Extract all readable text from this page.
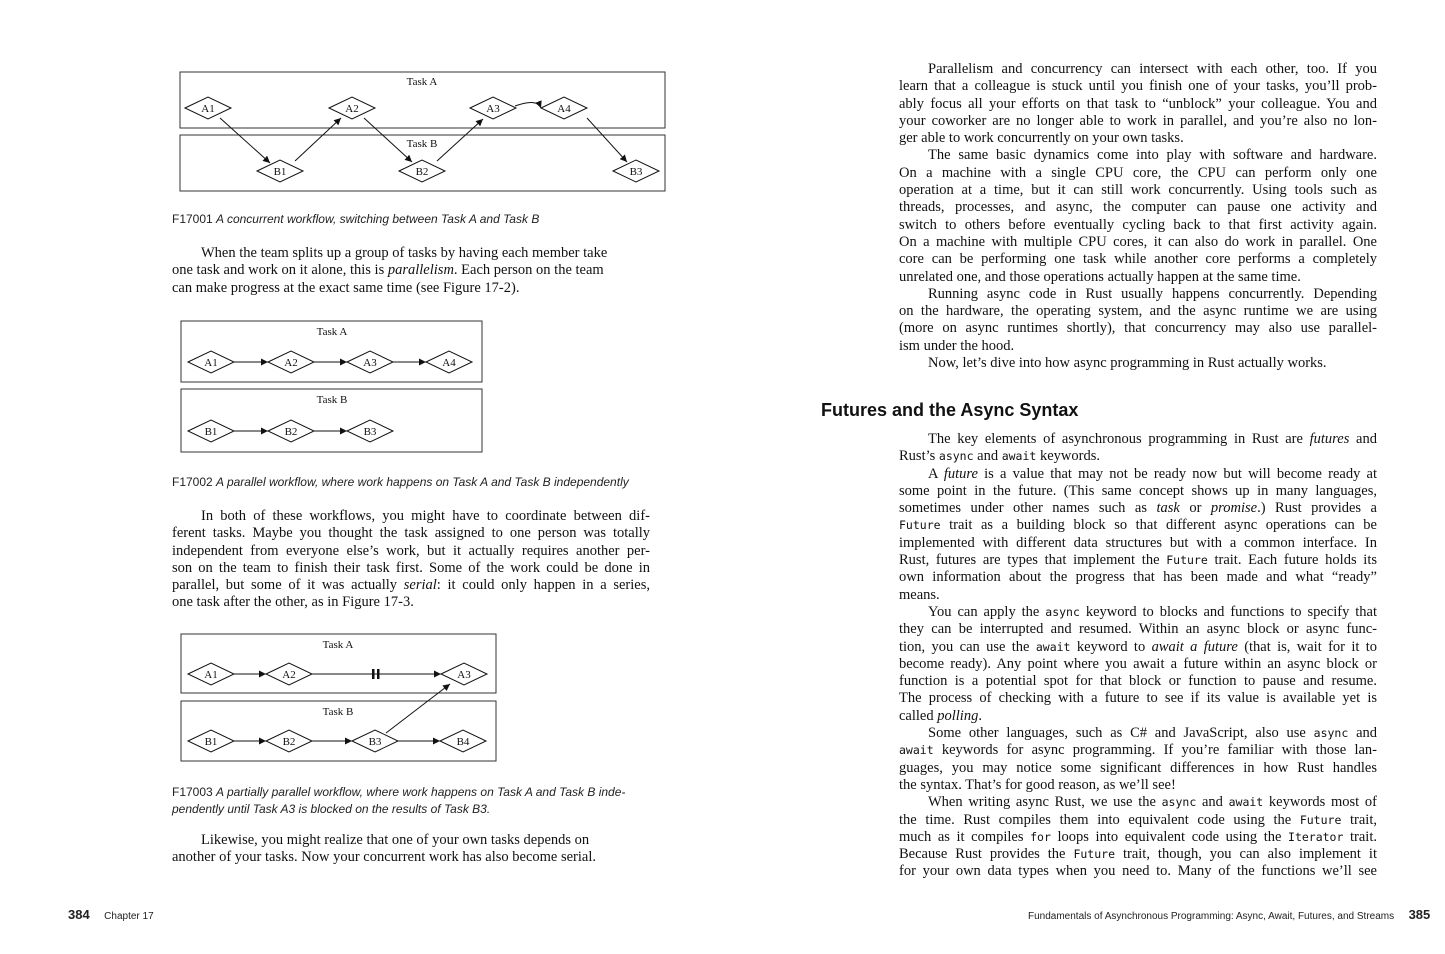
Task A
Task B
A1	A2	A3	A4
B1	B2	B3
F17001 A concurrent workflow, switching between Task A and Task B
When the team splits up a group of tasks by having each member take
one task and work on it alone, this is parallelism. Each person on the team
can make progress at the exact same time (see Figure 17-2).
Task A
Task B
A1	A2	A3	A4
B1	B2	B3
F17002 A parallel workflow, where work happens on Task A and Task B independently
In both of these workflows, you might have to coordinate between dif-
ferent tasks. Maybe you thought the task assigned to one person was totally
independent from everyone else’s work, but it actually requires another per-
son on the team to finish their task first. Some of the work could be done in
parallel, but some of it was actually serial: it could only happen in a series,
one task after the other, as in Figure 17-3.
Task A
Task B
A1	A2	A3
B1	B2	B3	B4
F17003 A partially parallel workflow, where work happens on Task A and Task B inde-
pendently until Task A3 is blocked on the results of Task B3.
Likewise, you might realize that one of your own tasks depends on
another of your tasks. Now your concurrent work has also become serial.
384 Chapter 17
Parallelism and concurrency can intersect with each other, too. If you
learn that a colleague is stuck until you finish one of your tasks, you’ll prob-
ably focus all your efforts on that task to “unblock” your colleague. You and
your coworker are no longer able to work in parallel, and you’re also no lon-
ger able to work concurrently on your own tasks.
The same basic dynamics come into play with software and hardware.
On a machine with a single CPU core, the CPU can perform only one
operation at a time, but it can still work concurrently. Using tools such as
threads, processes, and async, the computer can pause one activity and
switch to others before eventually cycling back to that first activity again.
On a machine with multiple CPU cores, it can also do work in parallel. One
core can be performing one task while another core performs a completely
unrelated one, and those operations actually happen at the same time.
Running async code in Rust usually happens concurrently. Depending
on the hardware, the operating system, and the async runtime we are using
(more on async runtimes shortly), that concurrency may also use parallel-
ism under the hood.
Now, let’s dive into how async programming in Rust actually works.
Futures and the Async Syntax
The key elements of asynchronous programming in Rust are futures and
Rust’s async and await keywords.
A future is a value that may not be ready now but will become ready at
some point in the future. (This same concept shows up in many languages,
sometimes under other names such as task or promise.) Rust provides a
Future trait as a building block so that different async operations can be
implemented with different data structures but with a common interface. In
Rust, futures are types that implement the Future trait. Each future holds its
own information about the progress that has been made and what “ready”
means.
You can apply the async keyword to blocks and functions to specify that
they can be interrupted and resumed. Within an async block or async func-
tion, you can use the await keyword to await a future (that is, wait for it to
become ready). Any point where you await a future within an async block or
function is a potential spot for that block or function to pause and resume.
The process of checking with a future to see if its value is available yet is
called polling.
Some other languages, such as C# and JavaScript, also use async and
await keywords for async programming. If you’re familiar with those lan-
guages, you may notice some significant differences in how Rust handles
the syntax. That’s for good reason, as we’ll see!
When writing async Rust, we use the async and await keywords most of
the time. Rust compiles them into equivalent code using the Future trait,
much as it compiles for loops into equivalent code using the Iterator trait.
Because Rust provides the Future trait, though, you can also implement it
for your own data types when you need to. Many of the functions we’ll see
Fundamentals of Asynchronous Programming: Async, Await, Futures, and Streams 385
